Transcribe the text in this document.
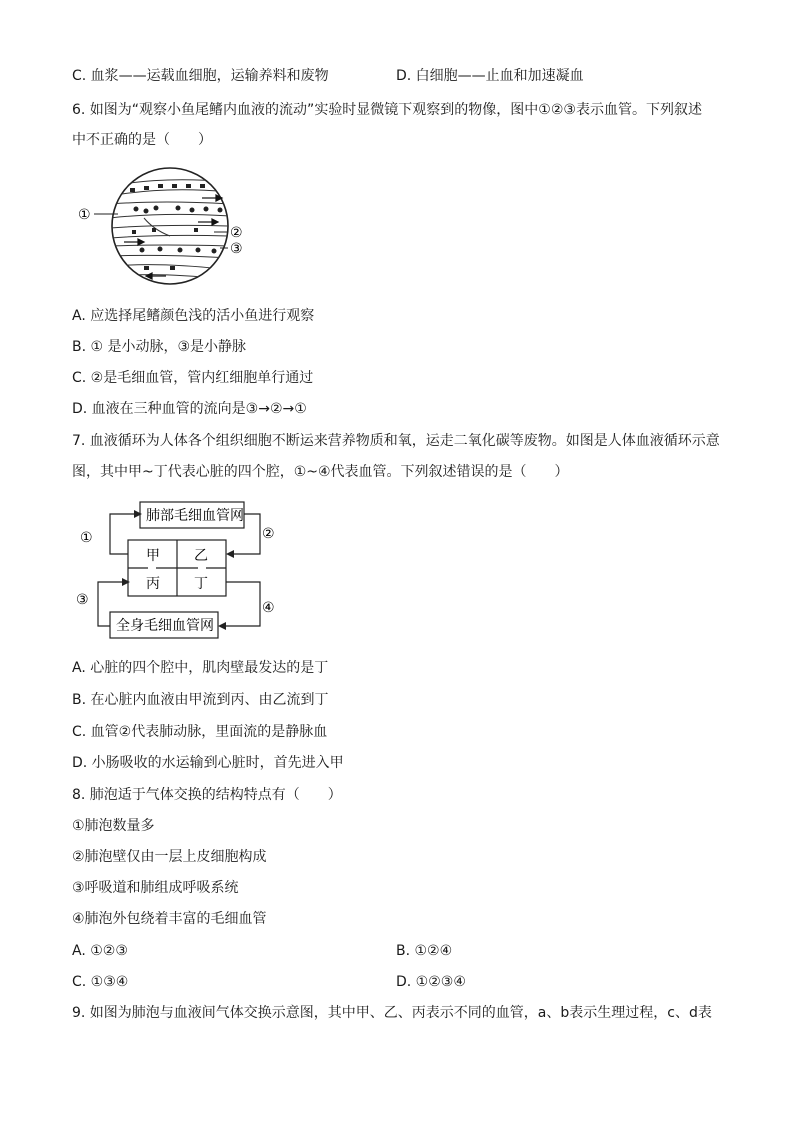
C. 血浆——运载血细胞，运输养料和废物	D. 白细胞——止血和加速凝血
6. 如图为“观察小鱼尾鳍内血液的流动”实验时显微镜下观察到的物像，图中①②③表示血管。下列叙述
中不正确的是（　　）
①
②
③
A. 应选择尾鳍颜色浅的活小鱼进行观察
B. ① 是小动脉，③是小静脉
C. ②是毛细血管，管内红细胞单行通过
D. 血液在三种血管的流向是③→②→①
7. 血液循环为人体各个组织细胞不断运来营养物质和氧，运走二氧化碳等废物。如图是人体血液循环示意
图，其中甲~丁代表心脏的四个腔，①~④代表血管。下列叙述错误的是（　　）
肺部毛细血管网
全身毛细血管网
甲 乙
丙 丁
①	②
③	④
A. 心脏的四个腔中，肌肉壁最发达的是丁
B. 在心脏内血液由甲流到丙、由乙流到丁
C. 血管②代表肺动脉，里面流的是静脉血
D. 小肠吸收的水运输到心脏时，首先进入甲
8. 肺泡适于气体交换的结构特点有（　　）
①肺泡数量多
②肺泡壁仅由一层上皮细胞构成
③呼吸道和肺组成呼吸系统
④肺泡外包绕着丰富的毛细血管
A. ①②③	B. ①②④
C. ①③④	D. ①②③④
9. 如图为肺泡与血液间气体交换示意图，其中甲、乙、丙表示不同的血管，a、b表示生理过程，c、d表
